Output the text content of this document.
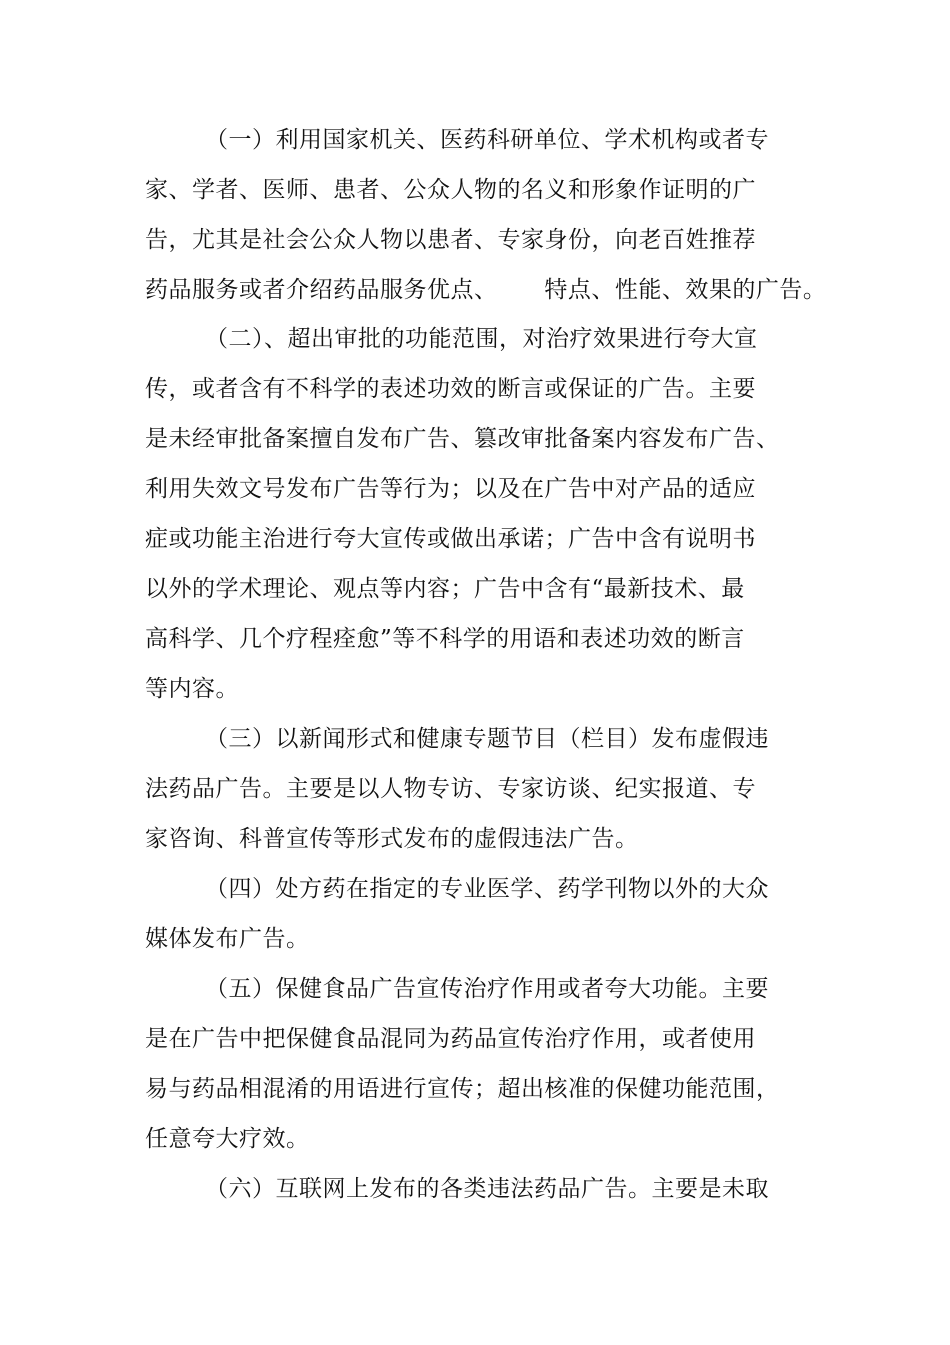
（一）利用国家机关、医药科研单位、学术机构或者专
家、学者、医师、患者、公众人物的名义和形象作证明的广
告，尤其是社会公众人物以患者、专家身份，向老百姓推荐
药品服务或者介绍药品服务优点、      特点、性能、效果的广告。
（二）、超出审批的功能范围，对治疗效果进行夸大宣
传，或者含有不科学的表述功效的断言或保证的广告。主要
是未经审批备案擅自发布广告、篡改审批备案内容发布广告、
利用失效文号发布广告等行为；以及在广告中对产品的适应
症或功能主治进行夸大宣传或做出承诺；广告中含有说明书
以外的学术理论、观点等内容；广告中含有“最新技术、最
高科学、几个疗程痊愈”等不科学的用语和表述功效的断言
等内容。
（三）以新闻形式和健康专题节目（栏目）发布虚假违
法药品广告。主要是以人物专访、专家访谈、纪实报道、专
家咨询、科普宣传等形式发布的虚假违法广告。
（四）处方药在指定的专业医学、药学刊物以外的大众
媒体发布广告。
（五）保健食品广告宣传治疗作用或者夸大功能。主要
是在广告中把保健食品混同为药品宣传治疗作用，或者使用
易与药品相混淆的用语进行宣传；超出核准的保健功能范围，
任意夸大疗效。
（六）互联网上发布的各类违法药品广告。主要是未取
